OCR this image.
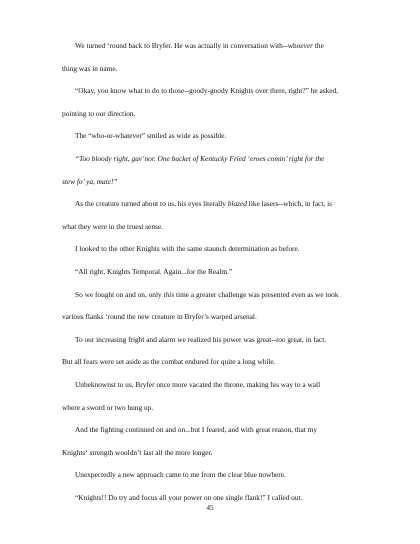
We turned ‘round back to Bryfer. He was actually in conversation with--whoever the
thing was in name.
“Okay, you know what to do to those--goody-goody Knights over there, right?” he asked,
pointing to our direction.
The “who-or-whatever” smiled as wide as possible.
“Too bloody right, guv’nor. One bucket of Kentucky Fried ‘eroes comin’ right for the
stew fo’ ya, mate!”
As the creature turned about to us, his eyes literally blazed like lasers--which, in fact, is
what they were in the truest sense.
I looked to the other Knights with the same staunch determination as before.
“All right, Knights Temporal. Again...for the Realm.”
So we fought on and on, only this time a greater challenge was presented even as we took
various flanks ‘round the new creature in Bryfer’s warped arsenal.
To our increasing fright and alarm we realized his power was great--too great, in fact.
But all fears were set aside as the combat endured for quite a long while.
Unbeknownst to us, Bryfer once more vacated the throne, making his way to a wall
where a sword or two hung up.
And the fighting continued on and on...but I feared, and with great reason, that my
Knights‘ strength wouldn’t last all the more longer.
Unexpectedly a new approach came to me from the clear blue nowhere.
“Knights!! Do try and focus all your power on one single flank!” I called out.
45
